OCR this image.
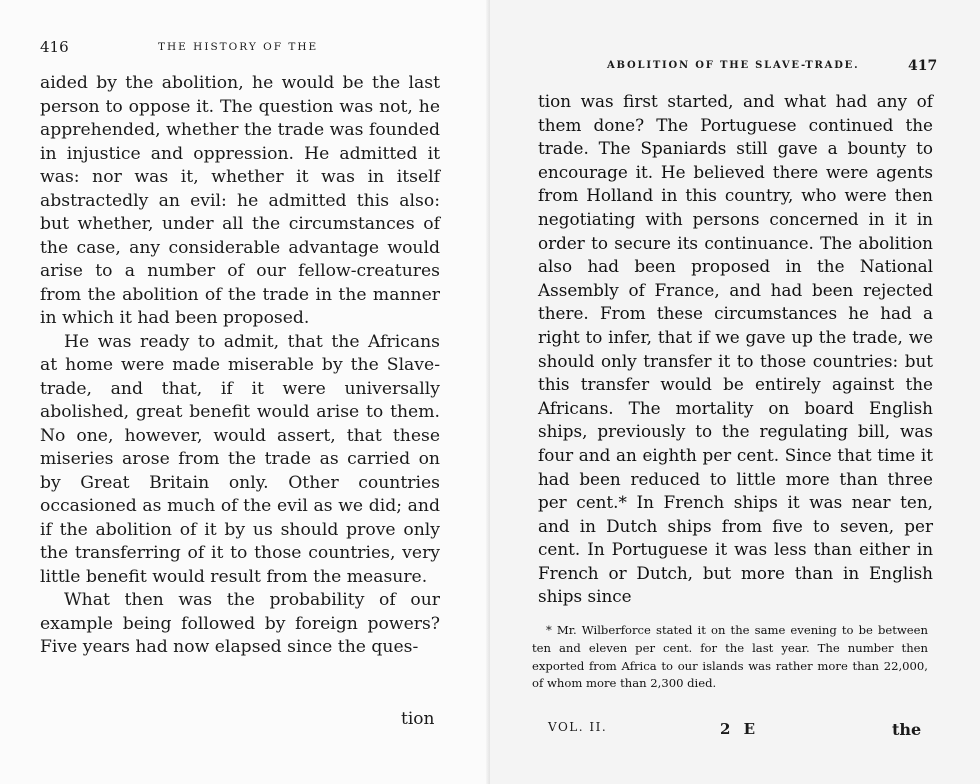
416	THE HISTORY OF THE

aided by the abolition, he would be the last person to oppose it. The question was not, he apprehended, whether the trade was founded in injustice and oppression. He admitted it was: nor was it, whether it was in itself abstractedly an evil: he admitted this also: but whether, under all the circumstances of the case, any considerable advantage would arise to a number of our fellow-creatures from the abolition of the trade in the manner in which it had been proposed.

He was ready to admit, that the Africans at home were made miserable by the Slave-trade, and that, if it were universally abolished, great benefit would arise to them. No one, however, would assert, that these miseries arose from the trade as carried on by Great Britain only. Other countries occasioned as much of the evil as we did; and if the abolition of it by us should prove only the transferring of it to those countries, very little benefit would result from the measure.

What then was the probability of our example being followed by foreign powers? Five years had now elapsed since the ques-

tion
ABOLITION OF THE SLAVE-TRADE.	417

tion was first started, and what had any of them done? The Portuguese continued the trade. The Spaniards still gave a bounty to encourage it. He believed there were agents from Holland in this country, who were then negotiating with persons concerned in it in order to secure its continuance. The abolition also had been proposed in the National Assembly of France, and had been rejected there. From these circumstances he had a right to infer, that if we gave up the trade, we should only transfer it to those countries: but this transfer would be entirely against the Africans. The mortality on board English ships, previously to the regulating bill, was four and an eighth per cent. Since that time it had been reduced to little more than three per cent.* In French ships it was near ten, and in Dutch ships from five to seven, per cent. In Portuguese it was less than either in French or Dutch, but more than in English ships since

* Mr. Wilberforce stated it on the same evening to be between ten and eleven per cent. for the last year. The number then exported from Africa to our islands was rather more than 22,000, of whom more than 2,300 died.

VOL. II.	2 E	the
